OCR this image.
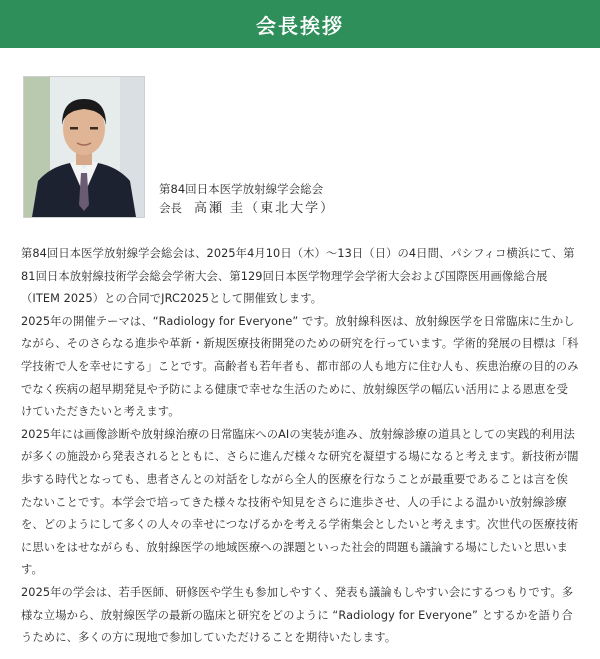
会長挨拶
第84回日本医学放射線学会総会
会長 高瀬 圭（東北大学）

第84回日本医学放射線学会総会は、2025年4月10日（木）～13日（日）の4日間、パシフィコ横浜にて、第81回日本放射線技術学会総会学術大会、第129回日本医学物理学会学術大会および国際医用画像総合展（ITEM 2025）との合同でJRC2025として開催致します。

2025年の開催テーマは、“Radiology for Everyone” です。放射線科医は、放射線医学を日常臨床に生かしながら、そのさらなる進歩や革新・新規医療技術開発のための研究を行っています。学術的発展の目標は「科学技術で人を幸せにする」ことです。高齢者も若年者も、都市部の人も地方に住む人も、疾患治療の目的のみでなく疾病の超早期発見や予防による健康で幸せな生活のために、放射線医学の幅広い活用による恩恵を受けていただきたいと考えます。

2025年には画像診断や放射線治療の日常臨床へのAIの実装が進み、放射線診療の道具としての実践的利用法が多くの施設から発表されるとともに、さらに進んだ様々な研究を凝望する場になると考えます。新技術が闊歩する時代となっても、患者さんとの対話をしながら全人的医療を行なうことが最重要であることは言を俟たないことです。本学会で培ってきた様々な技術や知見をさらに進歩させ、人の手による温かい放射線診療を、どのようにして多くの人々の幸せにつなげるかを考える学術集会としたいと考えます。次世代の医療技術に思いをはせながらも、放射線医学の地域医療への課題といった社会的問題も議論する場にしたいと思います。

2025年の学会は、若手医師、研修医や学生も参加しやすく、発表も議論もしやすい会にするつもりです。多様な立場から、放射線医学の最新の臨床と研究をどのように “Radiology for Everyone” とするかを語り合うために、多くの方に現地で参加していただけることを期待いたします。
